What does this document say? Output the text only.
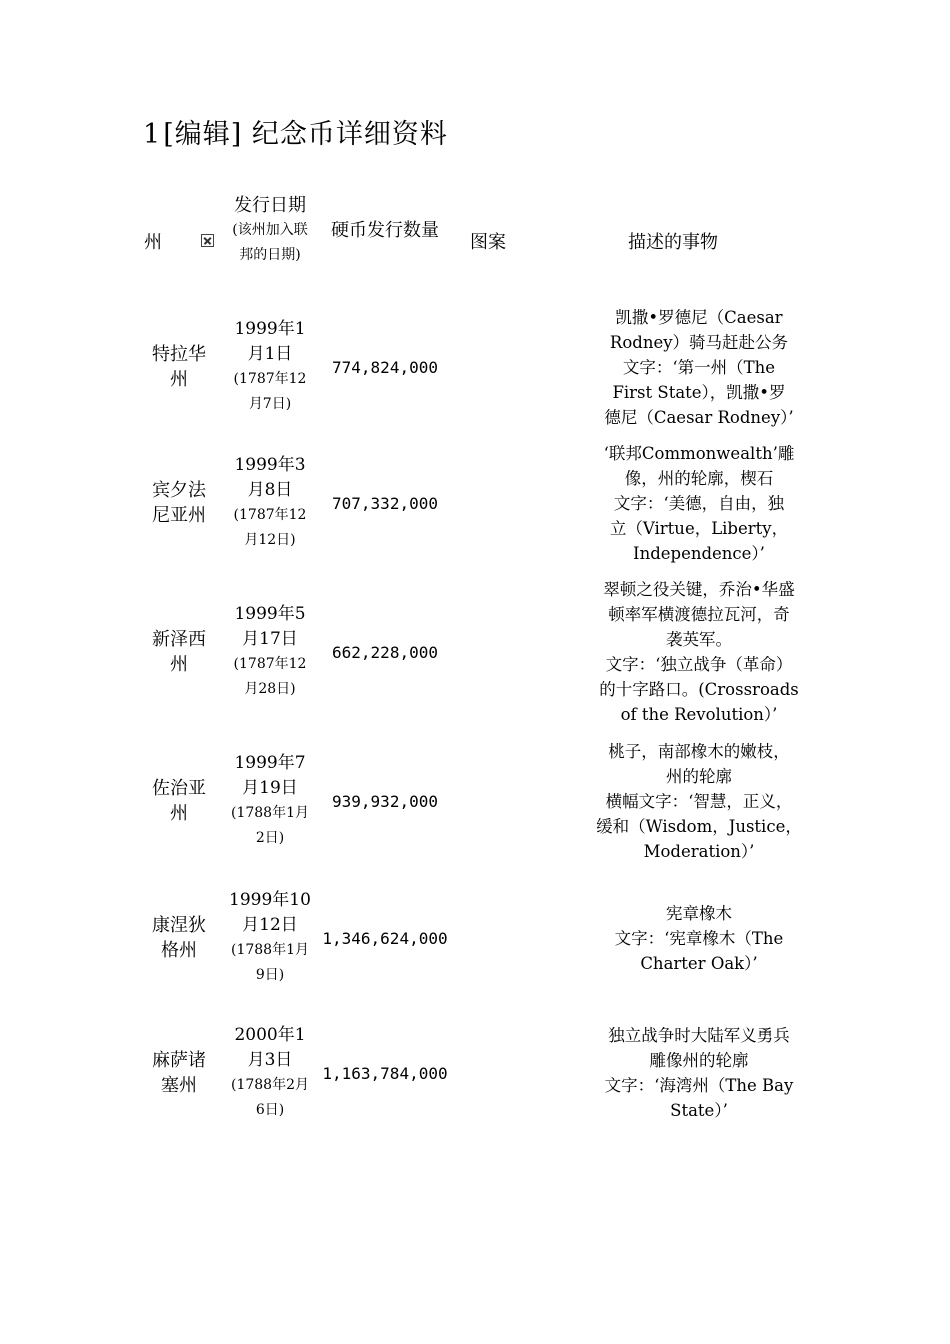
1[编辑] 纪念币详细资料
州
发行日期
(该州加入联邦的日期)
硬币发行数量
图案	描述的事物
特拉华州
1999年1月1日
(1787年12月7日)
774,824,000
凯撒•罗德尼（Caesar
Rodney）骑马赶赴公务
文字：‘第一州（The
First State），凯撒•罗
德尼（Caesar Rodney）’
宾夕法尼亚州
1999年3月8日
(1787年12月12日)
707,332,000
‘联邦Commonwealth’雕
像，州的轮廓，楔石
文字：‘美德，自由，独
立（Virtue，Liberty，
Independence）’
新泽西州
1999年5月17日
(1787年12月28日)
662,228,000
翠顿之役关键，乔治•华盛
顿率军横渡德拉瓦河，奇
袭英军。
文字：‘独立战争（革命）
的十字路口。(Crossroads
of the Revolution）’
佐治亚州
1999年7月19日
(1788年1月2日)
939,932,000
桃子，南部橡木的嫩枝，
州的轮廓
横幅文字：‘智慧，正义，
缓和（Wisdom，Justice，
Moderation）’
康涅狄格州
1999年10月12日
(1788年1月9日)
1,346,624,000
宪章橡木
文字：‘宪章橡木（The
Charter Oak）’
麻萨诸塞州
2000年1月3日
(1788年2月6日)
1,163,784,000
独立战争时大陆军义勇兵
雕像州的轮廓
文字：‘海湾州（The Bay
State）’
